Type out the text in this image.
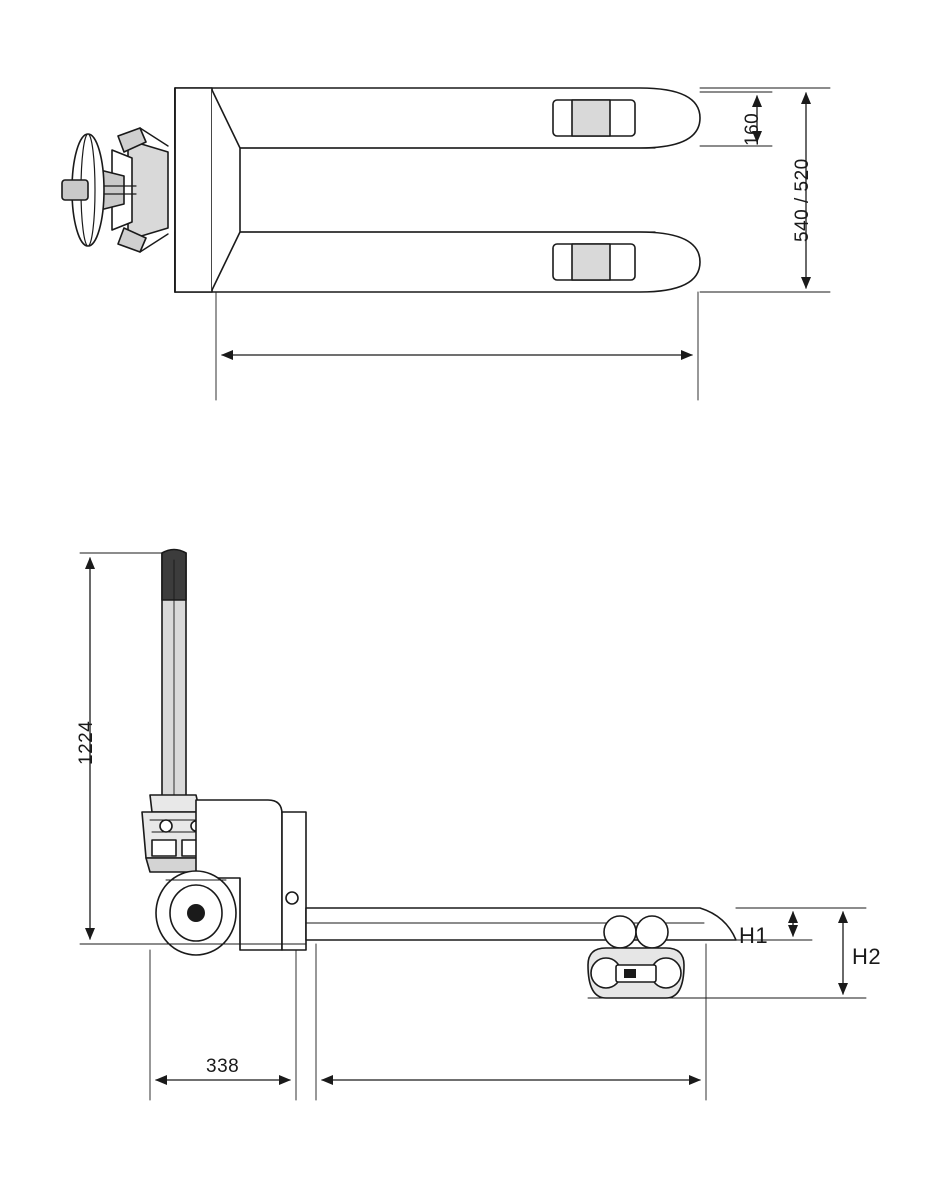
160
540 / 520
1224
338
H1
H2
